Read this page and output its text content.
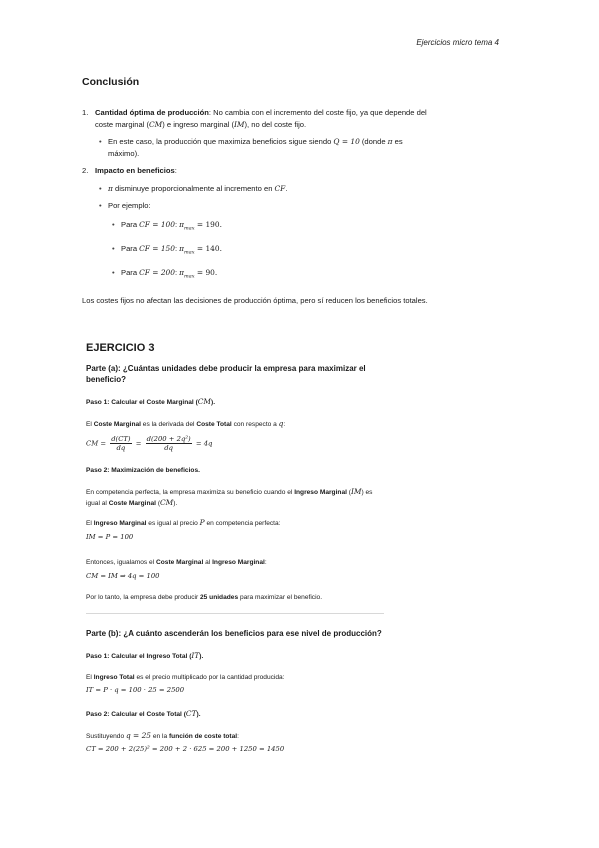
Ejercicios micro tema 4
Conclusión
1. Cantidad óptima de producción: No cambia con el incremento del coste fijo, ya que depende del coste marginal (CM) e ingreso marginal (IM), no del coste fijo.
• En este caso, la producción que maximiza beneficios sigue siendo Q = 10 (donde π es máximo).
2. Impacto en beneficios:
• π disminuye proporcionalmente al incremento en CF.
• Por ejemplo:
• Para CF = 100: $\pi_{max} = 190$.
• Para CF = 150: $\pi_{max} = 140$.
• Para CF = 200: $\pi_{max} = 90$.

Los costes fijos no afectan las decisiones de producción óptima, pero sí reducen los beneficios totales.

EJERCICIO 3
Parte (a): ¿Cuántas unidades debe producir la empresa para maximizar el beneficio?
Paso 1: Calcular el Coste Marginal (CM).

El Coste Marginal es la derivada del Coste Total con respecto a q:

CM = $\frac{d(CT)}{dq} = \frac{\text{d(200 + 2q²)}}{dq} = 4q$
Paso 2: Maximización de beneficios.

En competencia perfecta, la empresa maximiza su beneficio cuando el Ingreso Marginal (IM) es igual al Coste Marginal (CM).

El Ingreso Marginal es igual al precio P en competencia perfecta:

IM = P = 100

Entonces, igualamos el Coste Marginal al Ingreso Marginal:

CM = IM ⇒ 4q = 100

Por lo tanto, la empresa debe producir 25 unidades para maximizar el beneficio.

Parte (b): ¿A cuánto ascenderán los beneficios para ese nivel de producción?
Paso 1: Calcular el Ingreso Total (IT).

El Ingreso Total es el precio multiplicado por la cantidad producida:

IT = P · q = 100 · 25 = 2500
Paso 2: Calcular el Coste Total (CT).

Sustituyendo q = 25 en la función de coste total:

CT = 200 + 2(25)² = 200 + 2 · 625 = 200 + 1250 = 1450
